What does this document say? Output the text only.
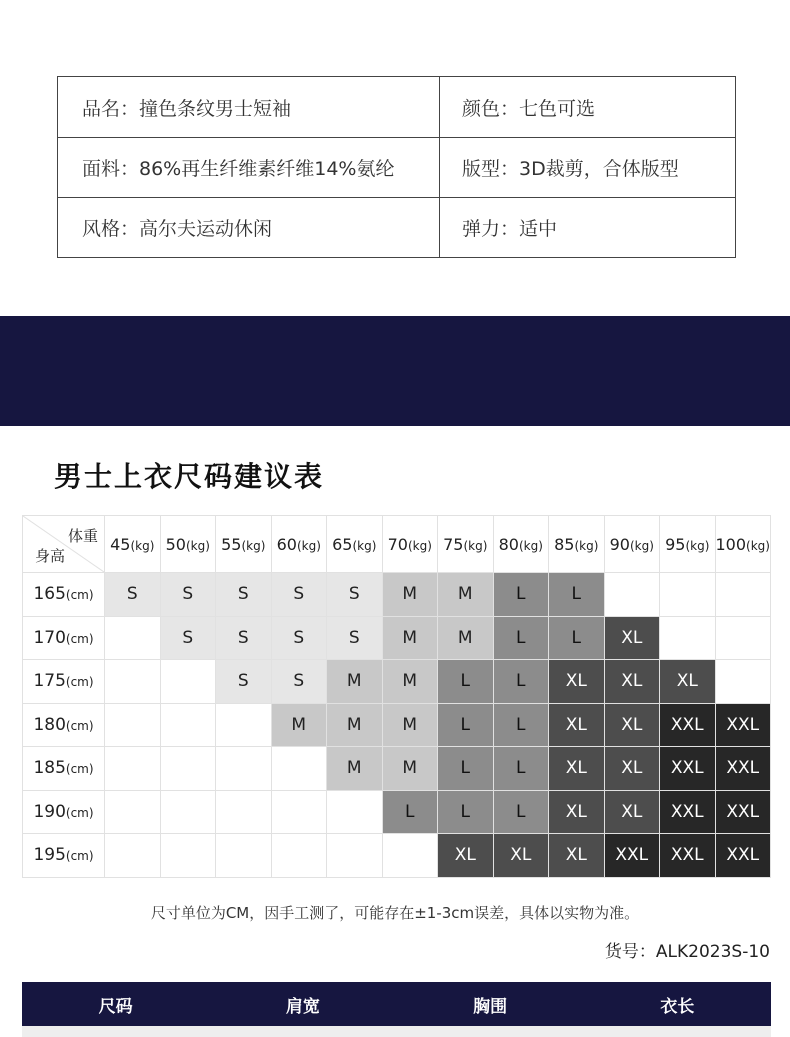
品名：撞色条纹男士短袖	颜色：七色可选
面料：86%再生纤维素纤维14%氨纶	版型：3D裁剪，合体版型
风格：高尔夫运动休闲	弹力：适中
男士上衣尺码建议表
体重
身高	45(kg)	50(kg)	55(kg)	60(kg)	65(kg)	70(kg)	75(kg)	80(kg)	85(kg)	90(kg)	95(kg)	100(kg)
165(cm)	S	S	S	S	S	M	M	L	L			
170(cm)		S	S	S	S	M	M	L	L	XL		
175(cm)			S	S	M	M	L	L	XL	XL	XL	
180(cm)				M	M	M	L	L	XL	XL	XXL	XXL
185(cm)					M	M	L	L	XL	XL	XXL	XXL
190(cm)						L	L	L	XL	XL	XXL	XXL
195(cm)							XL	XL	XL	XXL	XXL	XXL
尺寸单位为CM，因手工测了，可能存在±1-3cm误差，具体以实物为准。
货号：ALK2023S-10
尺码	肩宽	胸围	衣长
